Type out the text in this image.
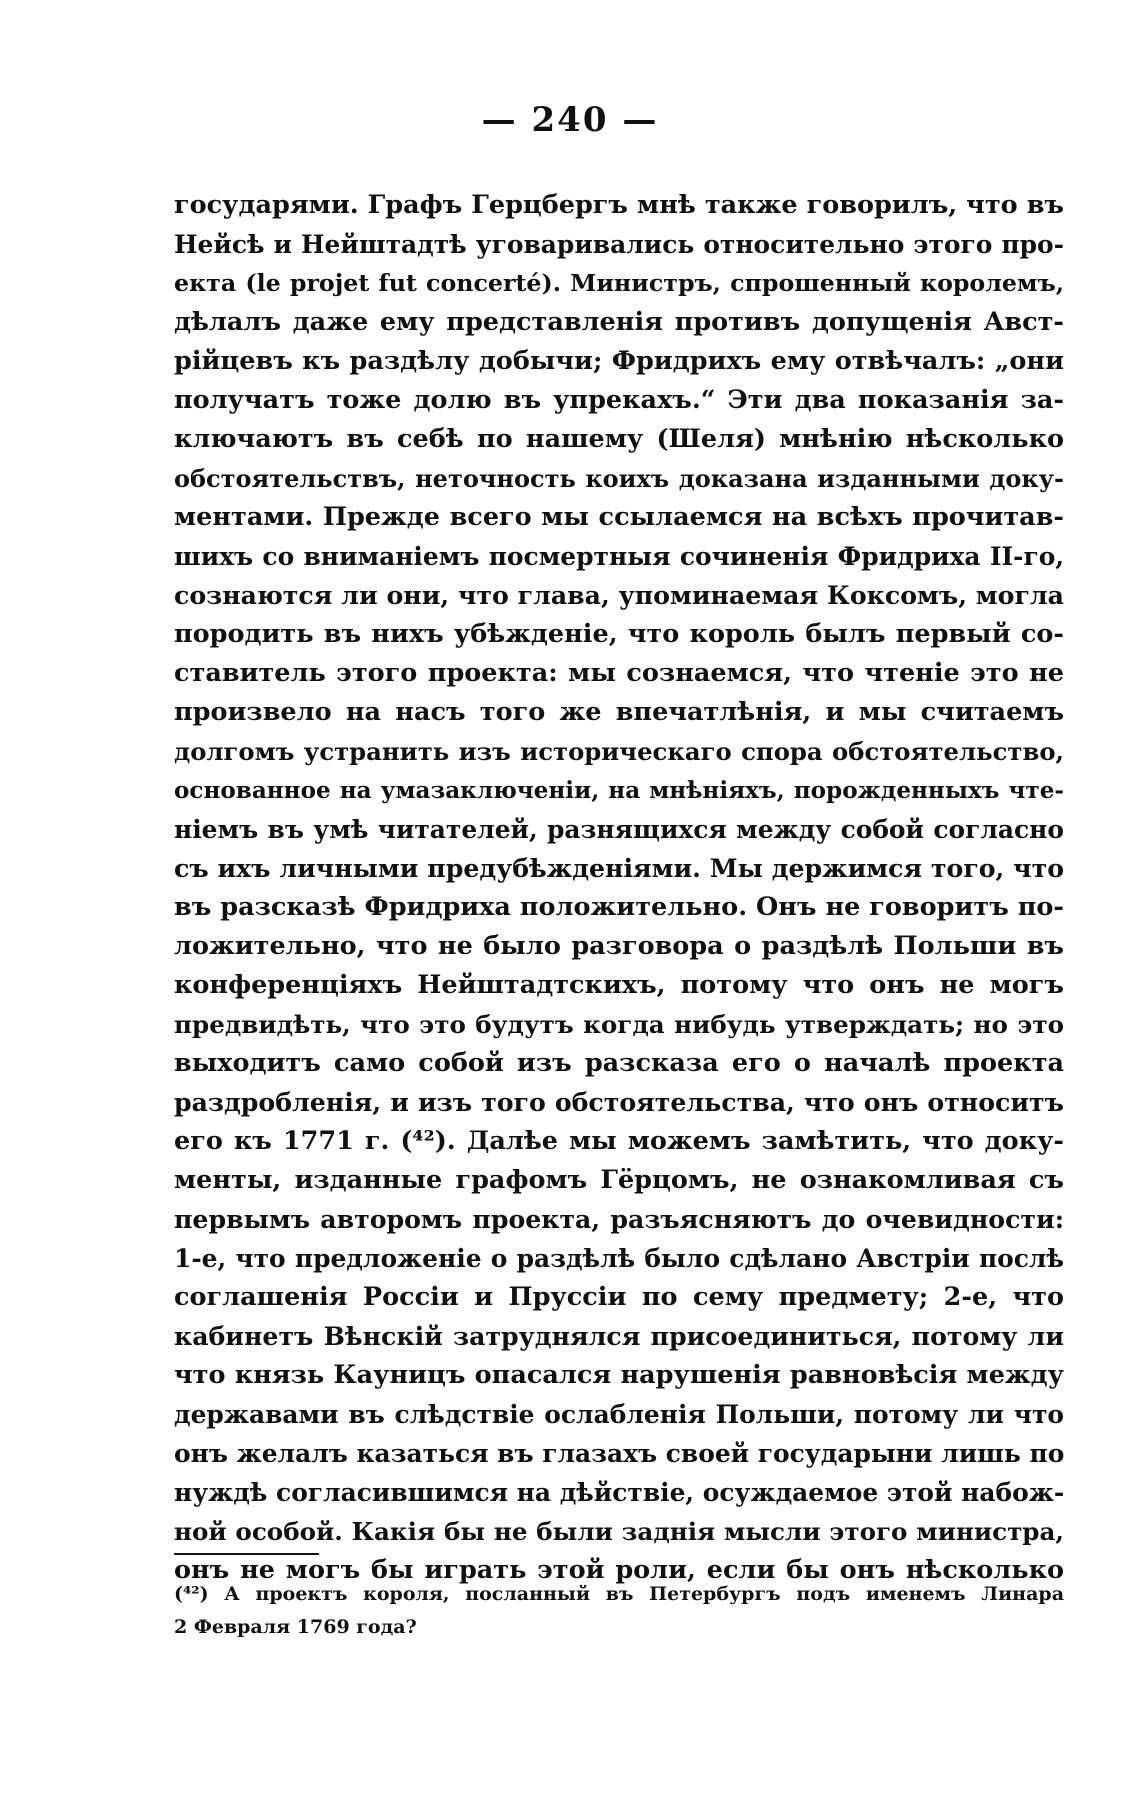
— 240 —
государями. Графъ Герцбергъ мнѣ также говорилъ, что въ
Нейсѣ и Нейштадтѣ уговаривались относительно этого про-
екта (le projet fut concerté). Министръ, спрошенный королемъ,
дѣлалъ даже ему представленія противъ допущенія Авст-
рійцевъ къ раздѣлу добычи; Фридрихъ ему отвѣчалъ: „они
получатъ тоже долю въ упрекахъ.“ Эти два показанія за-
ключаютъ въ себѣ по нашему (Шеля) мнѣнію нѣсколько
обстоятельствъ, неточность коихъ доказана изданными доку-
ментами. Прежде всего мы ссылаемся на всѣхъ прочитав-
шихъ со вниманіемъ посмертныя сочиненія Фридриха II-го,
сознаются ли они, что глава, упоминаемая Коксомъ, могла
породить въ нихъ убѣжденіе, что король былъ первый со-
ставитель этого проекта: мы сознаемся, что чтеніе это не
произвело на насъ того же впечатлѣнія, и мы считаемъ
долгомъ устранить изъ историческаго спора обстоятельство,
основанное на умазаключеніи, на мнѣніяхъ, порожденныхъ чте-
ніемъ въ умѣ читателей, разнящихся между собой согласно
съ ихъ личными предубѣжденіями. Мы держимся того, что
въ разсказѣ Фридриха положительно. Онъ не говоритъ по-
ложительно, что не было разговора о раздѣлѣ Польши въ
конференціяхъ Нейштадтскихъ, потому что онъ не могъ
предвидѣть, что это будутъ когда нибудь утверждать; но это
выходитъ само собой изъ разсказа его о началѣ проекта
раздробленія, и изъ того обстоятельства, что онъ относитъ
его къ 1771 г. (⁴²). Далѣе мы можемъ замѣтить, что доку-
менты, изданные графомъ Гёрцомъ, не ознакомливая съ
первымъ авторомъ проекта, разъясняютъ до очевидности:
1-е, что предложеніе о раздѣлѣ было сдѣлано Австріи послѣ
соглашенія Россіи и Пруссіи по сему предмету; 2-е, что
кабинетъ Вѣнскій затруднялся присоединиться, потому ли
что князь Кауницъ опасался нарушенія равновѣсія между
державами въ слѣдствіе ослабленія Польши, потому ли что
онъ желалъ казаться въ глазахъ своей государыни лишь по
нуждѣ согласившимся на дѣйствіе, осуждаемое этой набож-
ной особой. Какія бы не были заднія мысли этого министра,
онъ не могъ бы играть этой роли, если бы онъ нѣсколько
(⁴²) А проектъ короля, посланный въ Петербургъ подъ именемъ Линара
2 Февраля 1769 года?
